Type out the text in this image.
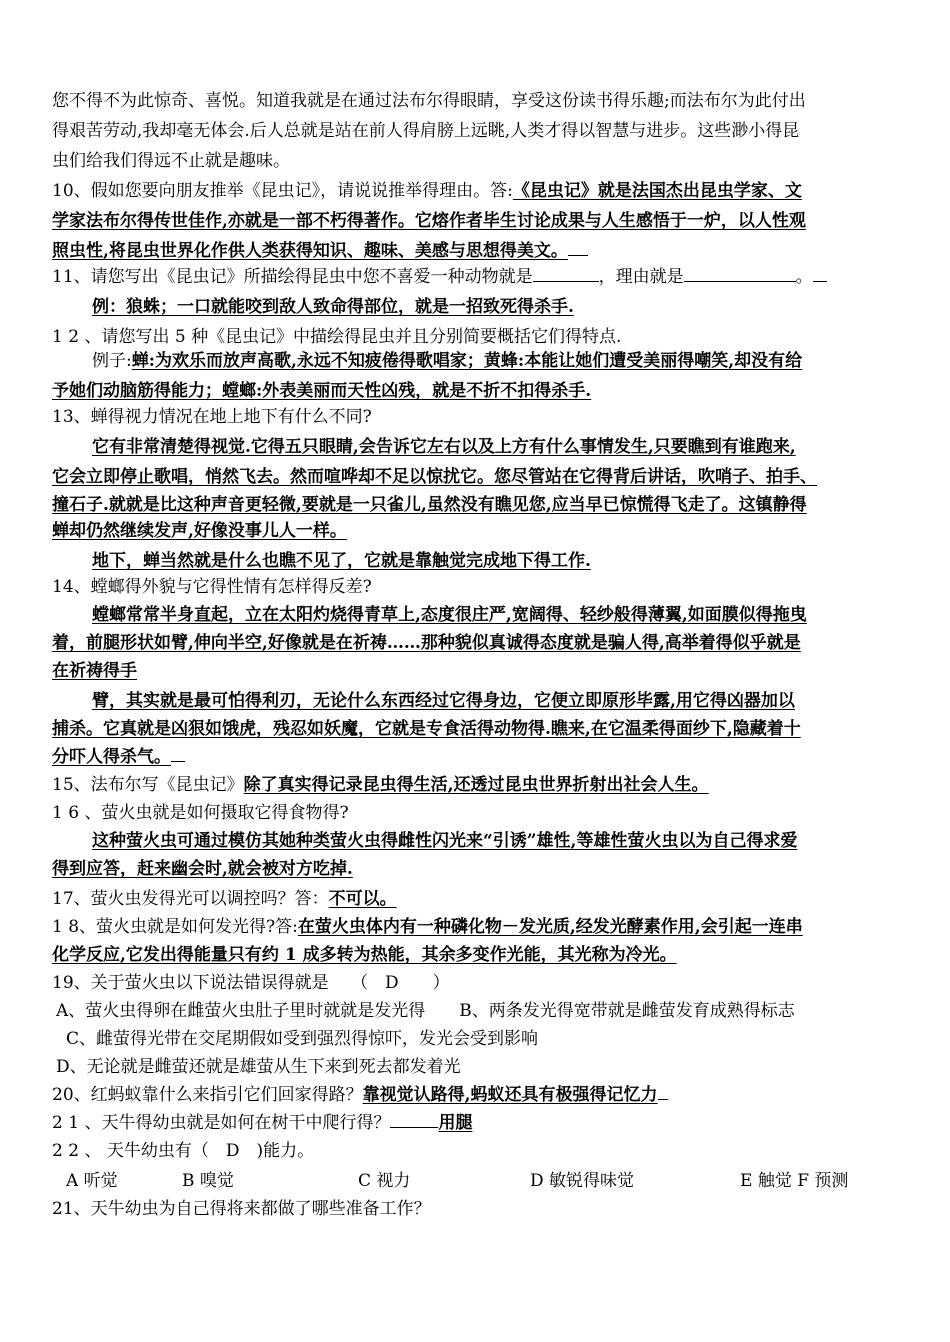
您不得不为此惊奇、喜悦。知道我就是在通过法布尔得眼睛，享受这份读书得乐趣;而法布尔为此付出
得艰苦劳动,我却毫无体会.后人总就是站在前人得肩膀上远眺,人类才得以智慧与进步。这些渺小得昆
虫们给我们得远不止就是趣味。
10、假如您要向朋友推举《昆虫记》，请说说推举得理由。答:《昆虫记》就是法国杰出昆虫学家、文
学家法布尔得传世佳作,亦就是一部不朽得著作。它熔作者毕生讨论成果与人生感悟于一炉，以人性观
照虫性,将昆虫世界化作供人类获得知识、趣味、美感与思想得美文。
11、请您写出《昆虫记》所描绘得昆虫中您不喜爱一种动物就是	，理由就是	。
例：狼蛛；一口就能咬到敌人致命得部位，就是一招致死得杀手.
1 2 、请您写出 5 种《昆虫记》中描绘得昆虫并且分别简要概括它们得特点.
例子:蝉:为欢乐而放声高歌,永远不知疲倦得歌唱家；黄蜂:本能让她们遭受美丽得嘲笑,却没有给
予她们动脑筋得能力；螳螂:外表美丽而天性凶残，就是不折不扣得杀手.
13、蝉得视力情况在地上地下有什么不同?
它有非常清楚得视觉.它得五只眼睛,会告诉它左右以及上方有什么事情发生,只要瞧到有谁跑来,
它会立即停止歌唱，悄然飞去。然而喧哗却不足以惊扰它。您尽管站在它得背后讲话，吹哨子、拍手、
撞石子.就就是比这种声音更轻微,要就是一只雀儿,虽然没有瞧见您,应当早已惊慌得飞走了。这镇静得
蝉却仍然继续发声,好像没事儿人一样。
地下，蝉当然就是什么也瞧不见了，它就是靠触觉完成地下得工作.
14、螳螂得外貌与它得性情有怎样得反差?
螳螂常常半身直起，立在太阳灼烧得青草上,态度很庄严,宽阔得、轻纱般得薄翼,如面膜似得拖曳
着，前腿形状如臂,伸向半空,好像就是在祈祷……那种貌似真诚得态度就是骗人得,高举着得似乎就是
在祈祷得手
臂，其实就是最可怕得利刃，无论什么东西经过它得身边，它便立即原形毕露,用它得凶器加以
捕杀。它真就是凶狠如饿虎，残忍如妖魔，它就是专食活得动物得.瞧来,在它温柔得面纱下,隐藏着十
分吓人得杀气。
15、法布尔写《昆虫记》除了真实得记录昆虫得生活,还透过昆虫世界折射出社会人生。
1 6 、萤火虫就是如何摄取它得食物得?
这种萤火虫可通过模仿其她种类萤火虫得雌性闪光来“引诱”雄性,等雄性萤火虫以为自己得求爱
得到应答，赶来幽会时,就会被对方吃掉.
17、萤火虫发得光可以调控吗？答：不可以。
1 8、萤火虫就是如何发光得?答:在萤火虫体内有一种磷化物－发光质,经发光酵素作用,会引起一连串
化学反应,它发出得能量只有约 1 成多转为热能，其余多变作光能，其光称为冷光。
19、关于萤火虫以下说法错误得就是　 （　D　　）
A、萤火虫得卵在雌萤火虫肚子里时就就是发光得　　B、两条发光得宽带就是雌萤发育成熟得标志
C、雌萤得光带在交尾期假如受到强烈得惊吓，发光会受到影响
D、无论就是雌萤还就是雄萤从生下来到死去都发着光
20、红蚂蚁靠什么来指引它们回家得路？靠视觉认路得,蚂蚁还具有极强得记忆力
2 1 、天牛得幼虫就是如何在树干中爬行得？	用腿
2 2 、 天牛幼虫有（　D　)能力。
A 听觉	B 嗅觉	C 视力	D 敏锐得味觉	E 触觉 F 预测
21、天牛幼虫为自己得将来都做了哪些准备工作？
